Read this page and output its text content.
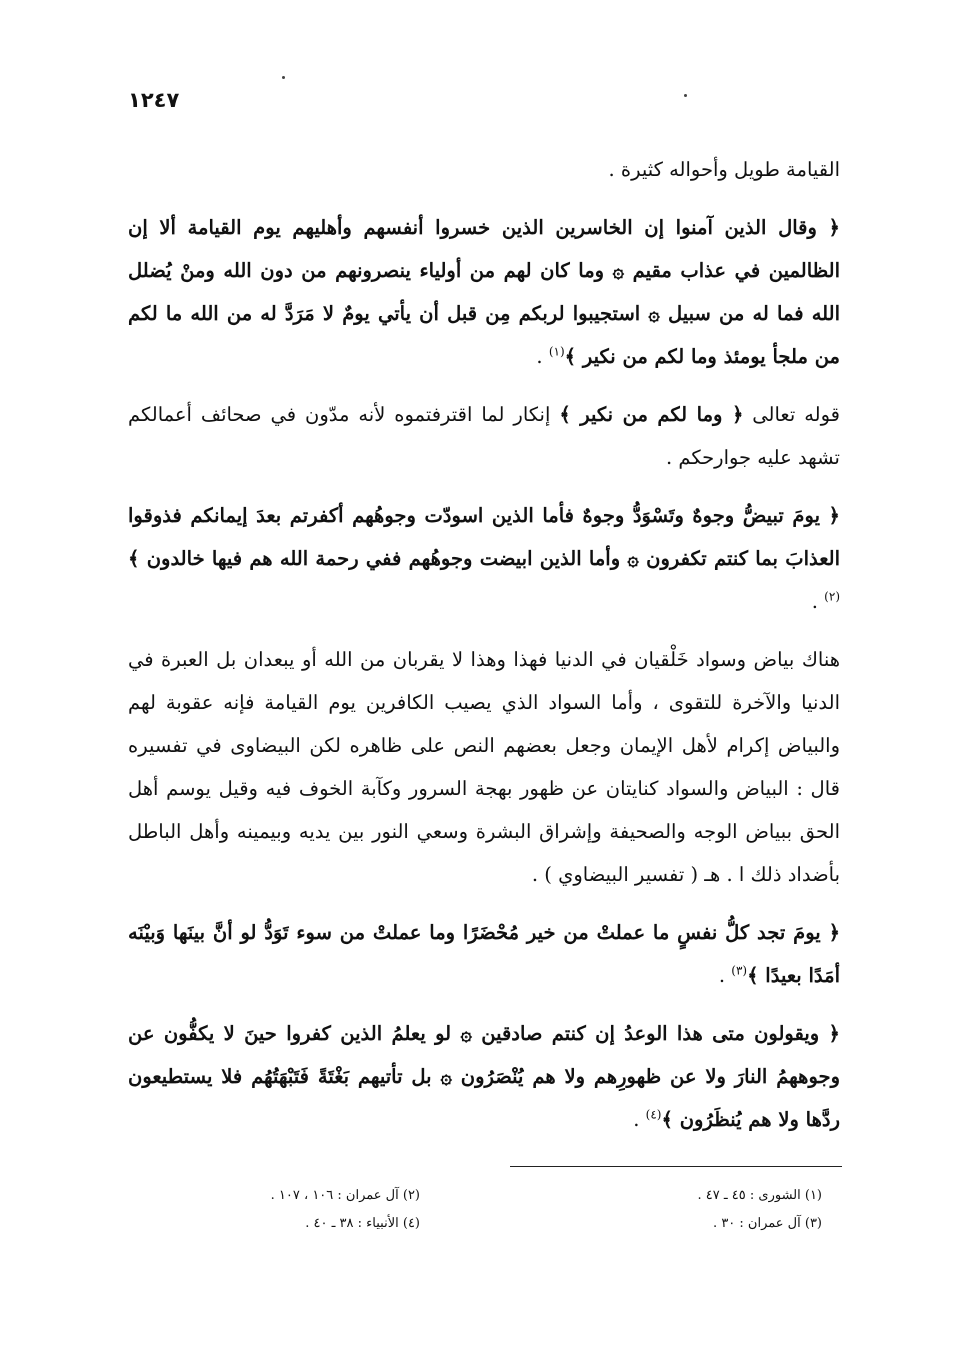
١٢٤٧

القيامة طويل وأحواله كثيرة .

﴿ وقال الذين آمنوا إن الخاسرين الذين خسروا أنفسهم وأهليهم يوم القيامة ألا إن الظالمين في عذاب مقيم ۞ وما كان لهم من أولياء ينصرونهم من دون الله ومنْ يُضلل الله فما له من سبيل ۞ استجيبوا لربكم مِن قبل أن يأتي يومٌ لا مَرَدَّ له من الله ما لكم من ملجأ يومئذ وما لكم من نكير ﴾$^{(١)}$ .

قوله تعالى ﴿ وما لكم من نكير ﴾ إنكار لما اقترفتموه لأنه مدّون في صحائف أعمالكم تشهد عليه جوارحكم .

﴿ يومَ تبيضُّ وجوهٌ وتَسْوَدُّ وجوهٌ فأما الذين اسودّت وجوهُهم أكفرتم بعدَ إيمانكم فذوقوا العذابَ بما كنتم تكفرون ۞ وأما الذين ابيضت وجوهُهم ففي رحمة الله هم فيها خالدون ﴾$^{(٢)}$ .

هناك بياض وسواد خَلْقيان في الدنيا فهذا وهذا لا يقربان من الله أو يبعدان بل العبرة في الدنيا والآخرة للتقوى ، وأما السواد الذي يصيب الكافرين يوم القيامة فإنه عقوبة لهم والبياض إكرام لأهل الإيمان وجعل بعضهم النص على ظاهره لكن البيضاوى في تفسيره قال : البياض والسواد كنايتان عن ظهور بهجة السرور وكآبة الخوف فيه وقيل يوسم أهل الحق ببياض الوجه والصحيفة وإشراق البشرة وسعي النور بين يديه وبيمينه وأهل الباطل بأضداد ذلك ا . هـ ( تفسير البيضاوي ) .

﴿ يومَ تجد كلُّ نفسٍ ما عملتْ من خير مُحْضَرًا وما عملتْ من سوء تَوَدُّ لو أنَّ بينَها وَبيْنَه أمَدًا بعيدًا ﴾$^{(٣)}$ .

﴿ ويقولون متى هذا الوعدُ إن كنتم صادقين ۞ لو يعلمُ الذين كفروا حينَ لا يكفُّون عن وجوههمُ النارَ ولا عن ظهورِهم ولا هم يُنْصَرُون ۞ بل تأتيهم بَغْتَةً فَتَبْهَتُهُم فلا يستطيعون ردَّها ولا هم يُنظَرُون ﴾$^{(٤)}$ .

(١) الشورى : ٤٥ ـ ٤٧ .
(٣) آل عمران : ٣٠ .
(٢) آل عمران : ١٠٦ ، ١٠٧ .
(٤) الأنبياء : ٣٨ ـ ٤٠ .
